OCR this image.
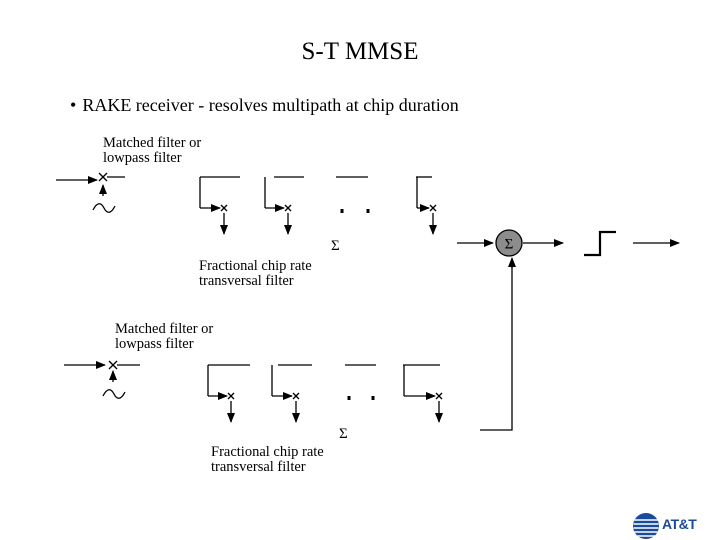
S-T MMSE
• RAKE receiver - resolves multipath at chip duration
Matched filter or
lowpass filter
Fractional chip rate
transversal filter
Matched filter or
lowpass filter
Fractional chip rate
transversal filter
Σ
Σ
Σ
AT&T
